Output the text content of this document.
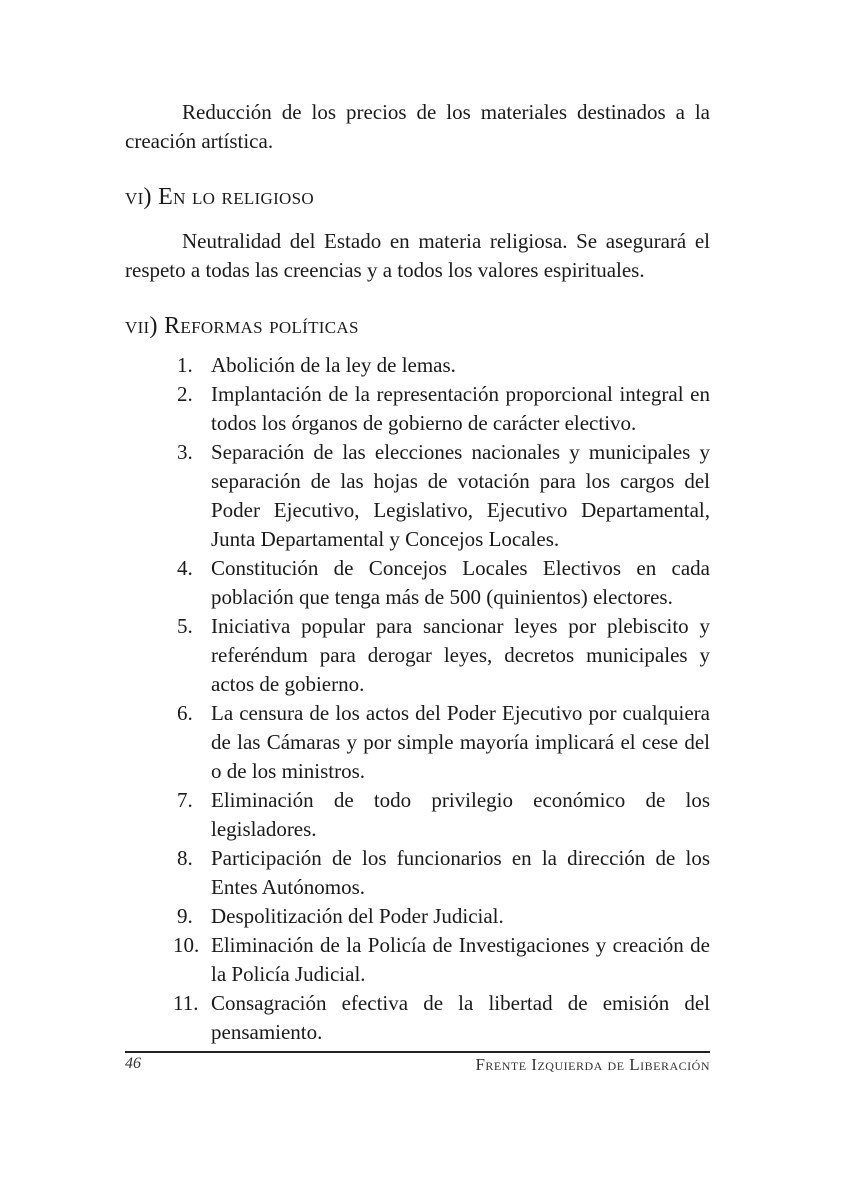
Reducción de los precios de los materiales destinados a la creación artística.

vi) En lo religioso

Neutralidad del Estado en materia religiosa. Se asegurará el respeto a todas las creencias y a todos los valores espirituales.

vii) Reformas políticas
1. Abolición de la ley de lemas.
2. Implantación de la representación proporcional integral en todos los órganos de gobierno de carácter electivo.
3. Separación de las elecciones nacionales y municipales y separación de las hojas de votación para los cargos del Poder Ejecutivo, Legislativo, Ejecutivo Departamental, Junta Departamental y Concejos Locales.
4. Constitución de Concejos Locales Electivos en cada población que tenga más de 500 (quinientos) electores.
5. Iniciativa popular para sancionar leyes por plebiscito y referéndum para derogar leyes, decretos municipales y actos de gobierno.
6. La censura de los actos del Poder Ejecutivo por cualquiera de las Cámaras y por simple mayoría implicará el cese del o de los ministros.
7. Eliminación de todo privilegio económico de los legisladores.
8. Participación de los funcionarios en la dirección de los Entes Autónomos.
9. Despolitización del Poder Judicial.
10. Eliminación de la Policía de Investigaciones y creación de la Policía Judicial.
11. Consagración efectiva de la libertad de emisión del pensamiento.
46	Frente Izquierda de Liberación
